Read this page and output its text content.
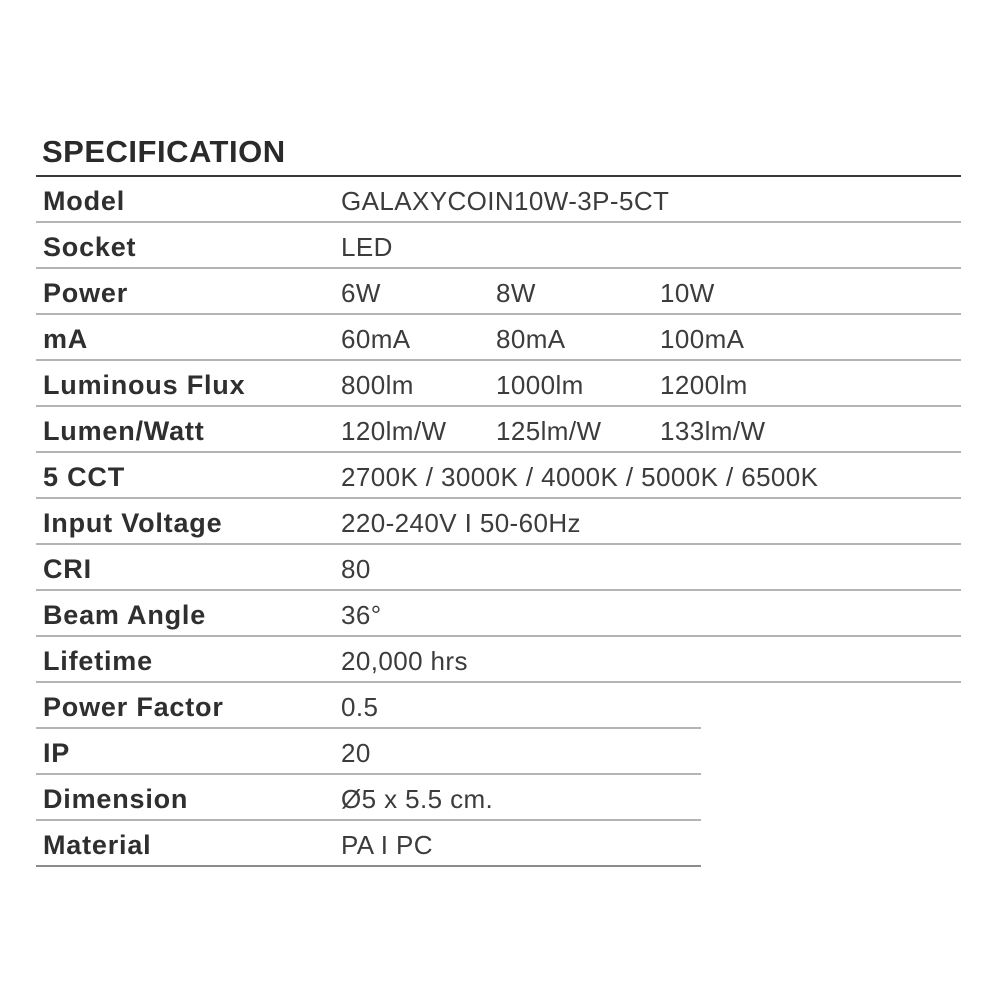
SPECIFICATION
Model	GALAXYCOIN10W-3P-5CT
Socket	LED
Power	6W	8W	10W
mA	60mA	80mA	100mA
Luminous Flux	800lm	1000lm	1200lm
Lumen/Watt	120lm/W 125lm/W 133lm/W
5 CCT	2700K / 3000K / 4000K / 5000K / 6500K
Input Voltage	220-240V I 50-60Hz
CRI	80
Beam Angle	36°
Lifetime	20,000 hrs
Power Factor	0.5
IP	20
Dimension	Ø5 x 5.5 cm.
Material	PA I PC
